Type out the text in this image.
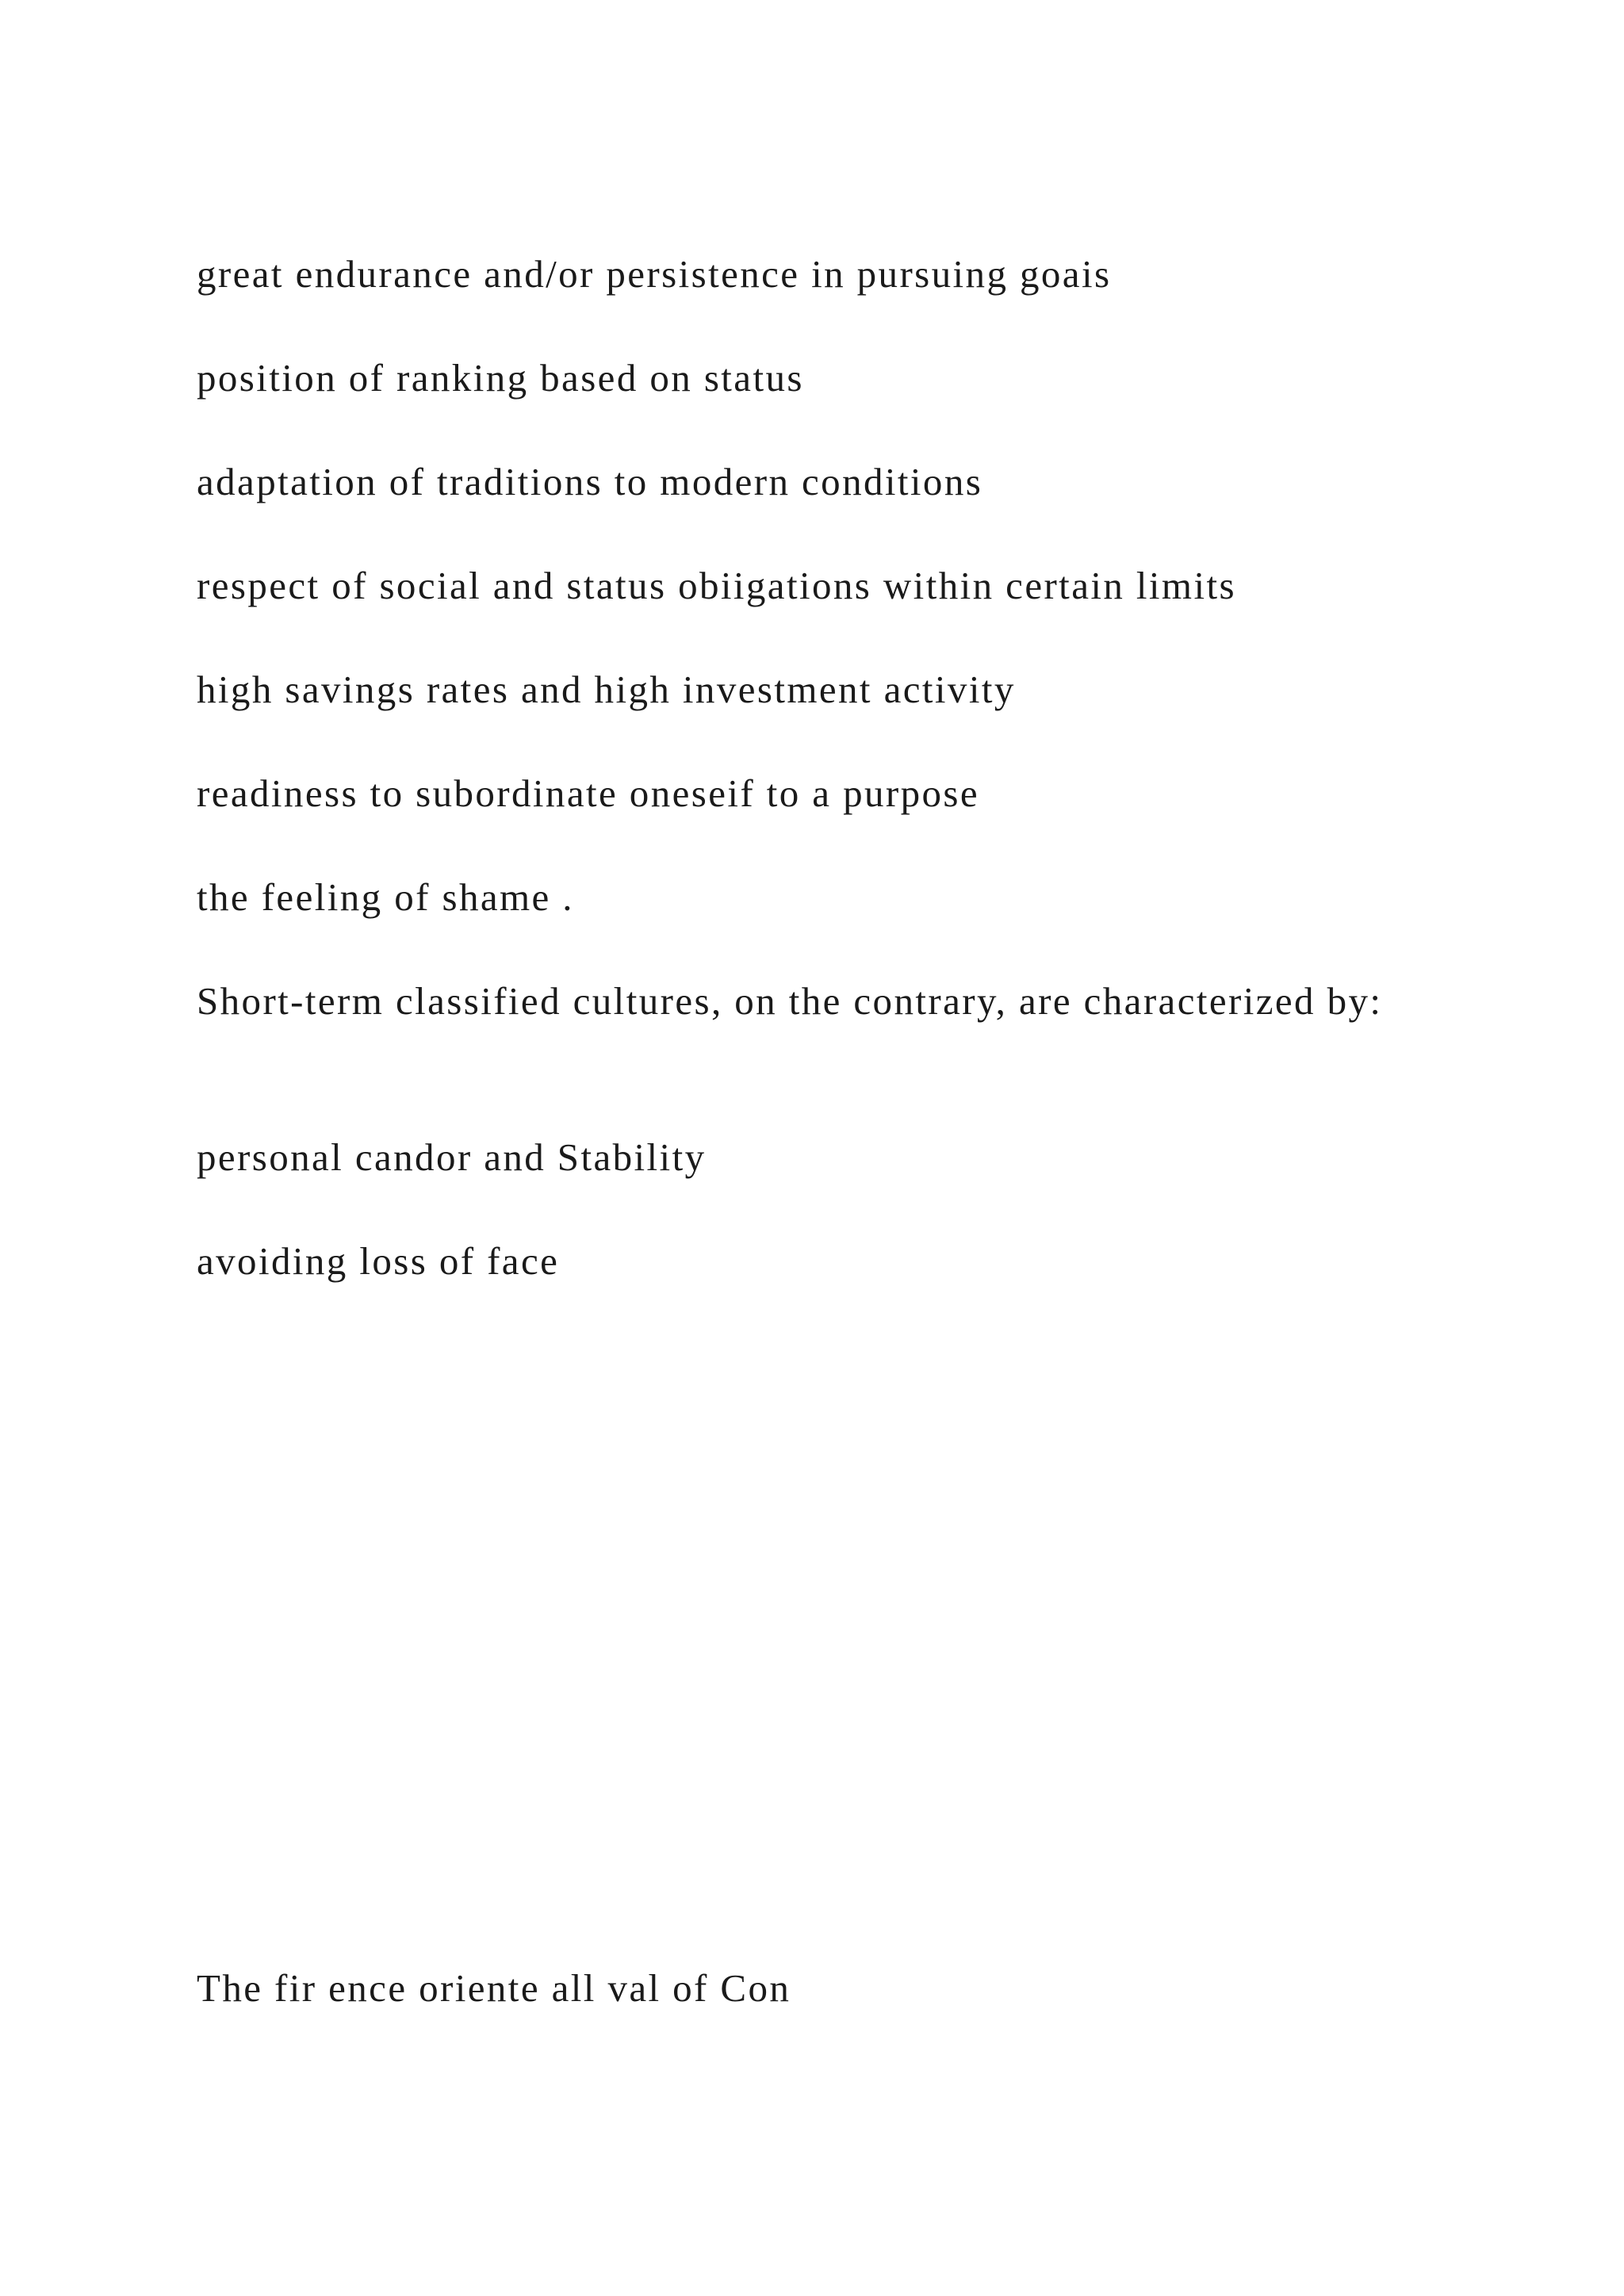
great endurance and/or persistence in pursuing goais

position of ranking based on status

adaptation of traditions to modern conditions

respect of social and status obiigations within certain limits

high savings rates and high investment activity

readiness to subordinate oneseif to a purpose

the feeling of shame .

Short-term classified cultures, on the contrary, are characterized by:

personal candor and Stability

avoiding loss of face

The fir ence oriente all val of Con
